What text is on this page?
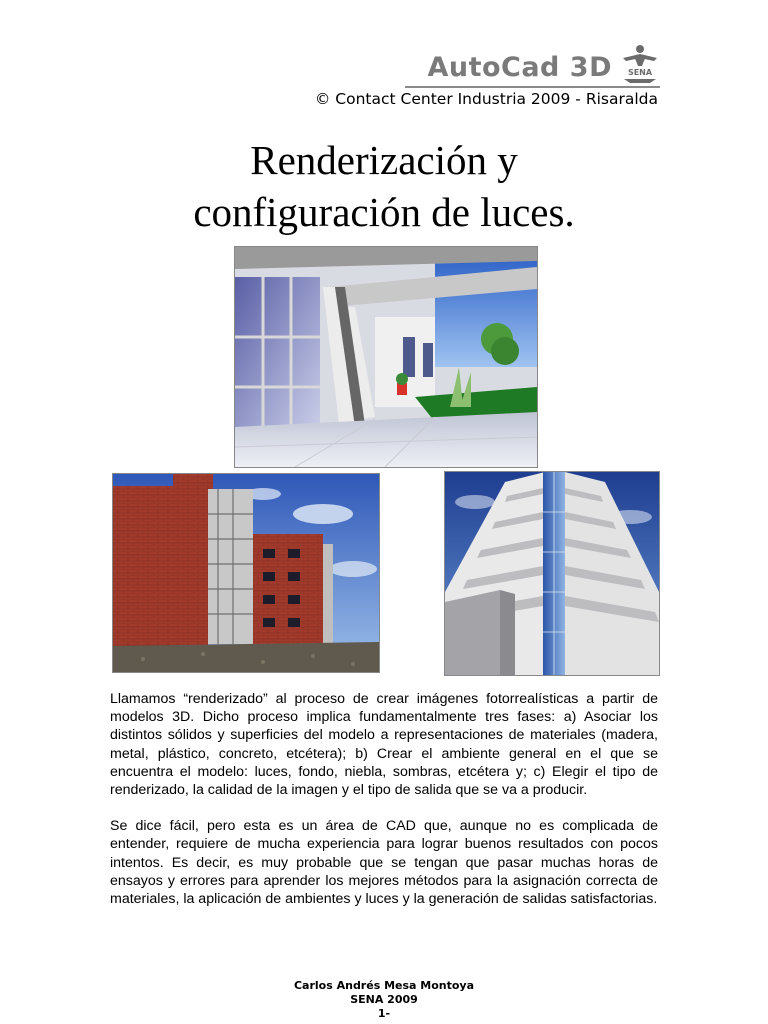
AutoCad 3D SENA
© Contact Center Industria 2009 - Risaralda
Renderización y
configuración de luces.

Llamamos “renderizado” al proceso de crear imágenes fotorrealísticas a partir de modelos 3D. Dicho proceso implica fundamentalmente tres fases: a) Asociar los distintos sólidos y superficies del modelo a representaciones de materiales (madera, metal, plástico, concreto, etcétera); b) Crear el ambiente general en el que se encuentra el modelo: luces, fondo, niebla, sombras, etcétera y; c) Elegir el tipo de renderizado, la calidad de la imagen y el tipo de salida que se va a producir.

Se dice fácil, pero esta es un área de CAD que, aunque no es complicada de entender, requiere de mucha experiencia para lograr buenos resultados con pocos intentos. Es decir, es muy probable que se tengan que pasar muchas horas de ensayos y errores para aprender los mejores métodos para la asignación correcta de materiales, la aplicación de ambientes y luces y la generación de salidas satisfactorias.

Carlos Andrés Mesa Montoya
SENA 2009
1-
